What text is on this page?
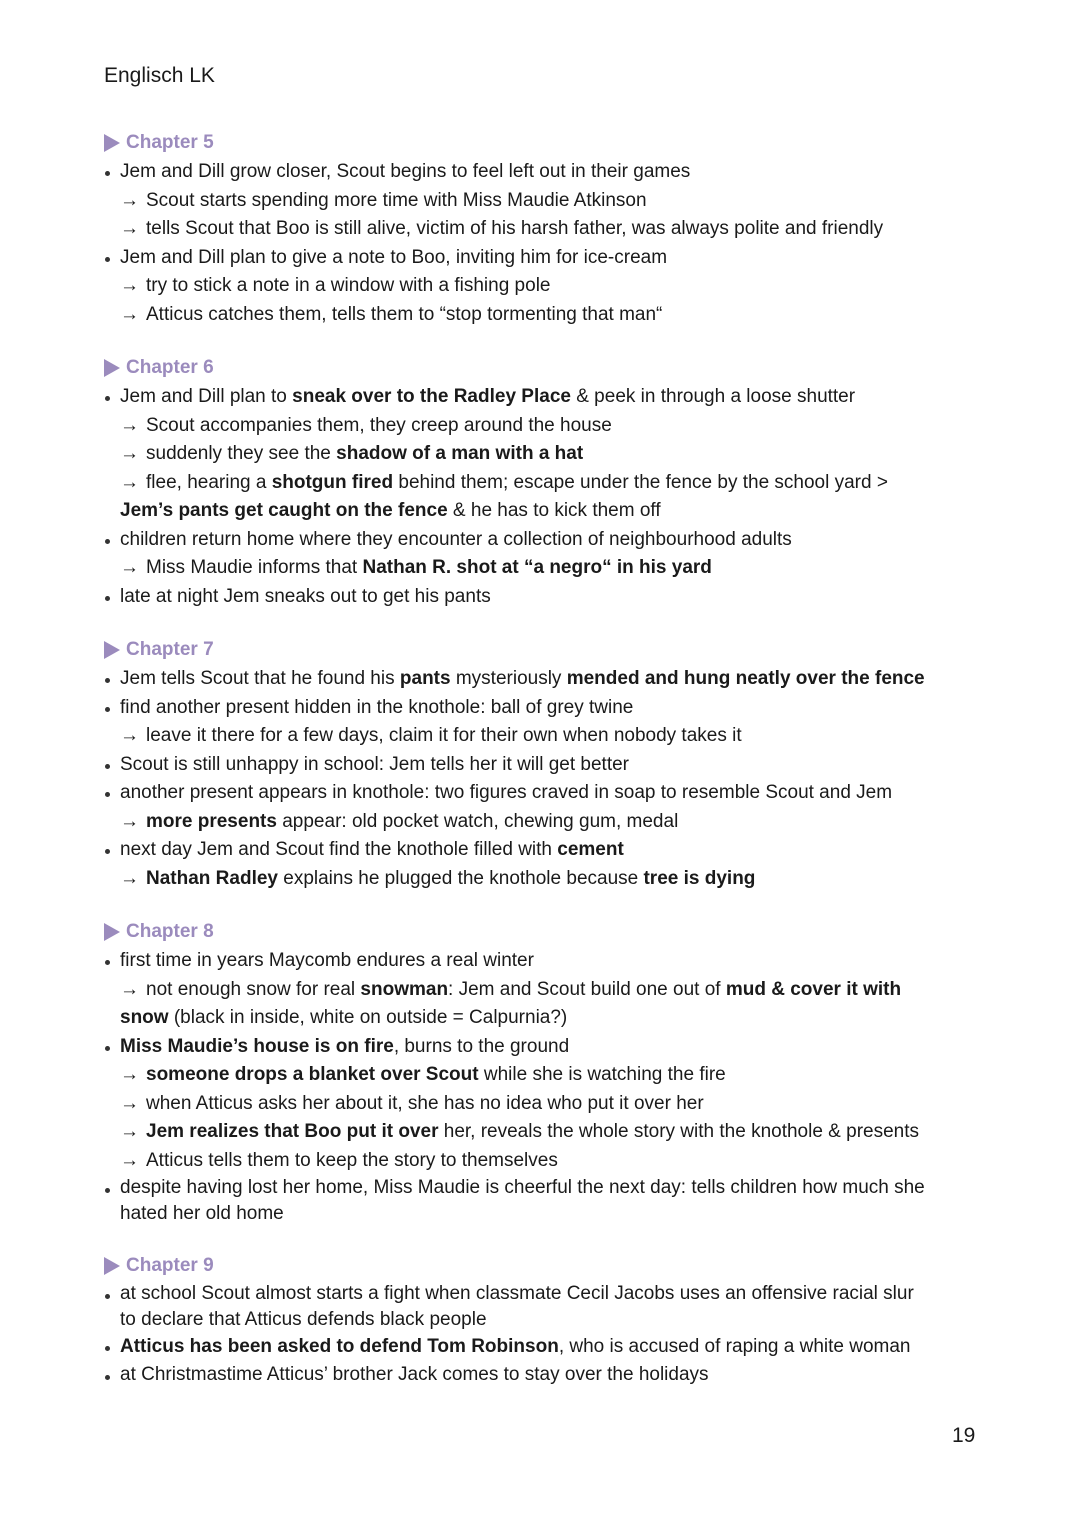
Englisch LK
Chapter 5
Jem and Dill grow closer, Scout begins to feel left out in their games
→ Scout starts spending more time with Miss Maudie Atkinson
→ tells Scout that Boo is still alive, victim of his harsh father, was always polite and friendly
Jem and Dill plan to give a note to Boo, inviting him for ice-cream
→ try to stick a note in a window with a fishing pole
→ Atticus catches them, tells them to “stop tormenting that man“
Chapter 6
Jem and Dill plan to sneak over to the Radley Place & peek in through a loose shutter
→ Scout accompanies them, they creep around the house
→ suddenly they see the shadow of a man with a hat
→ flee, hearing a shotgun fired behind them; escape under the fence by the school yard >
Jem’s pants get caught on the fence & he has to kick them off
children return home where they encounter a collection of neighbourhood adults
→ Miss Maudie informs that Nathan R. shot at “a negro“ in his yard
late at night Jem sneaks out to get his pants
Chapter 7
Jem tells Scout that he found his pants mysteriously mended and hung neatly over the fence
find another present hidden in the knothole: ball of grey twine
→ leave it there for a few days, claim it for their own when nobody takes it
Scout is still unhappy in school: Jem tells her it will get better
another present appears in knothole: two figures craved in soap to resemble Scout and Jem
→ more presents appear: old pocket watch, chewing gum, medal
next day Jem and Scout find the knothole filled with cement
→ Nathan Radley explains he plugged the knothole because tree is dying
Chapter 8
first time in years Maycomb endures a real winter
→ not enough snow for real snowman: Jem and Scout build one out of mud & cover it with
snow (black in inside, white on outside = Calpurnia?)
Miss Maudie’s house is on fire, burns to the ground
→ someone drops a blanket over Scout while she is watching the fire
→ when Atticus asks her about it, she has no idea who put it over her
→ Jem realizes that Boo put it over her, reveals the whole story with the knothole & presents
→ Atticus tells them to keep the story to themselves
despite having lost her home, Miss Maudie is cheerful the next day: tells children how much she
hated her old home
Chapter 9
at school Scout almost starts a fight when classmate Cecil Jacobs uses an offensive racial slur
to declare that Atticus defends black people
Atticus has been asked to defend Tom Robinson, who is accused of raping a white woman
at Christmastime Atticus’ brother Jack comes to stay over the holidays
19
